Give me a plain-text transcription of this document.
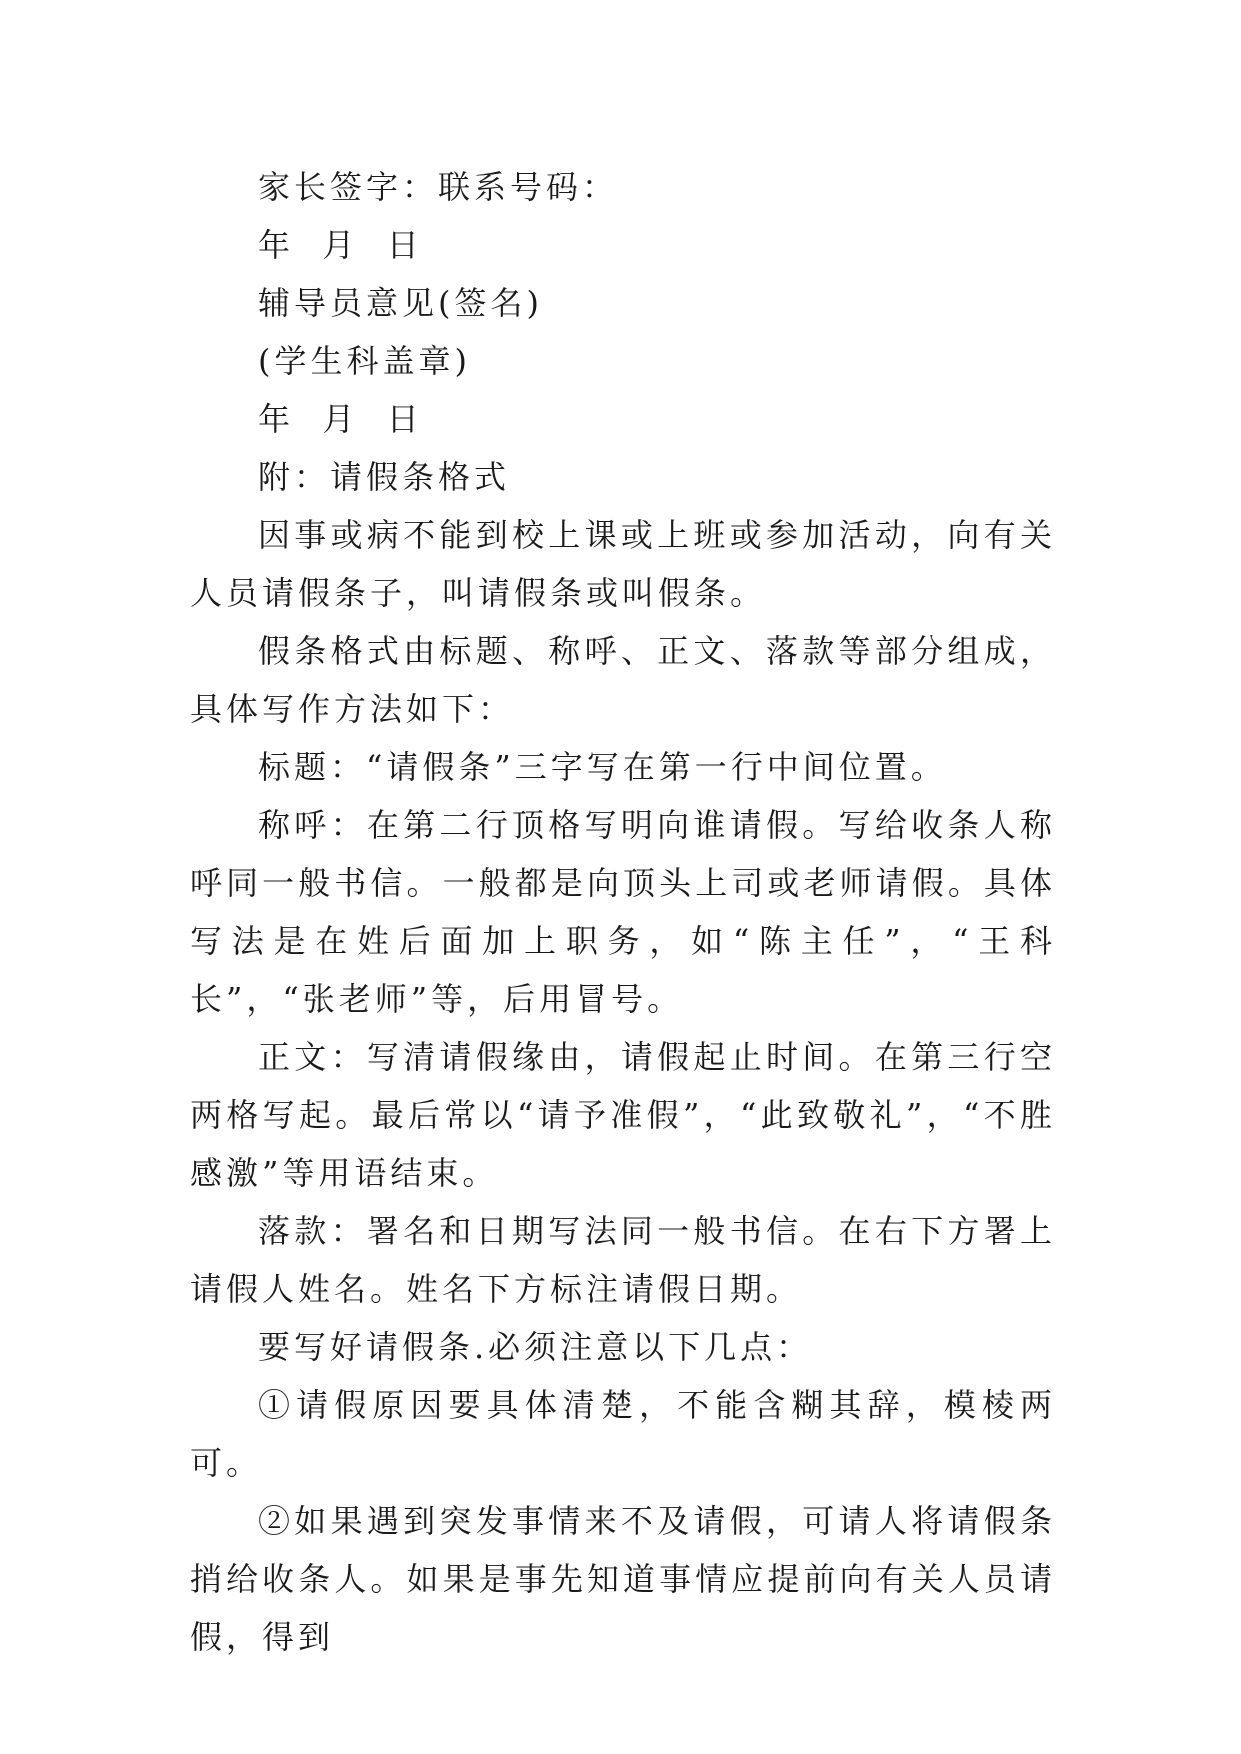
家长签字：联系号码：
年  月  日
辅导员意见(签名)
(学生科盖章)
年  月  日
附：请假条格式

因事或病不能到校上课或上班或参加活动，向有关人员请假条子，叫请假条或叫假条。

假条格式由标题、称呼、正文、落款等部分组成，具体写作方法如下：

标题：“请假条”三字写在第一行中间位置。

称呼：在第二行顶格写明向谁请假。写给收条人称呼同一般书信。一般都是向顶头上司或老师请假。具体写法是在姓后面加上职务，如“陈主任”，“王科长”，“张老师”等，后用冒号。

正文：写清请假缘由，请假起止时间。在第三行空两格写起。最后常以“请予准假”，“此致敬礼”，“不胜感激”等用语结束。

落款：署名和日期写法同一般书信。在右下方署上请假人姓名。姓名下方标注请假日期。

要写好请假条.必须注意以下几点：

①请假原因要具体清楚，不能含糊其辞，模棱两可。

②如果遇到突发事情来不及请假，可请人将请假条捎给收条人。如果是事先知道事情应提前向有关人员请假，得到
